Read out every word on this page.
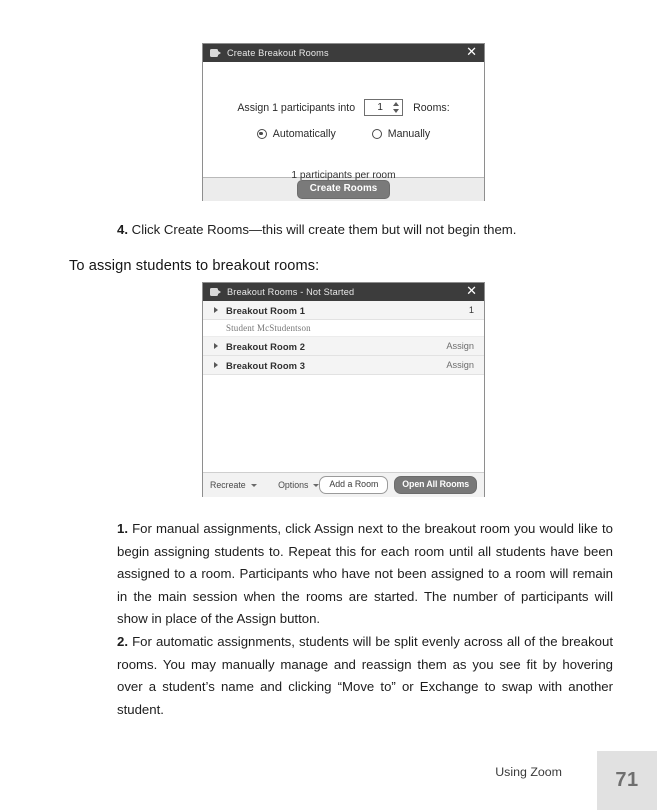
Create Breakout Rooms	✕
Assign 1 participants into	1	Rooms:
Automatically	Manually
1 participants per room
Create Rooms
4. Click Create Rooms—this will create them but will not begin them.
To assign students to breakout rooms:
Breakout Rooms - Not Started	✕
Breakout Room 1	1
Student McStudentson
Breakout Room 2	Assign
Breakout Room 3	Assign
Recreate	Options	Add a Room	Open All Rooms
1. For manual assignments, click Assign next to the breakout room you would like to begin assigning students to. Repeat this for each room until all students have been assigned to a room. Participants who have not been assigned to a room will remain in the main session when the rooms are started. The number of participants will show in place of the Assign button.
2. For automatic assignments, students will be split evenly across all of the breakout rooms. You may manually manage and reassign them as you see fit by hovering over a student’s name and clicking “Move to” or Exchange to swap with another student.
Using Zoom	71
